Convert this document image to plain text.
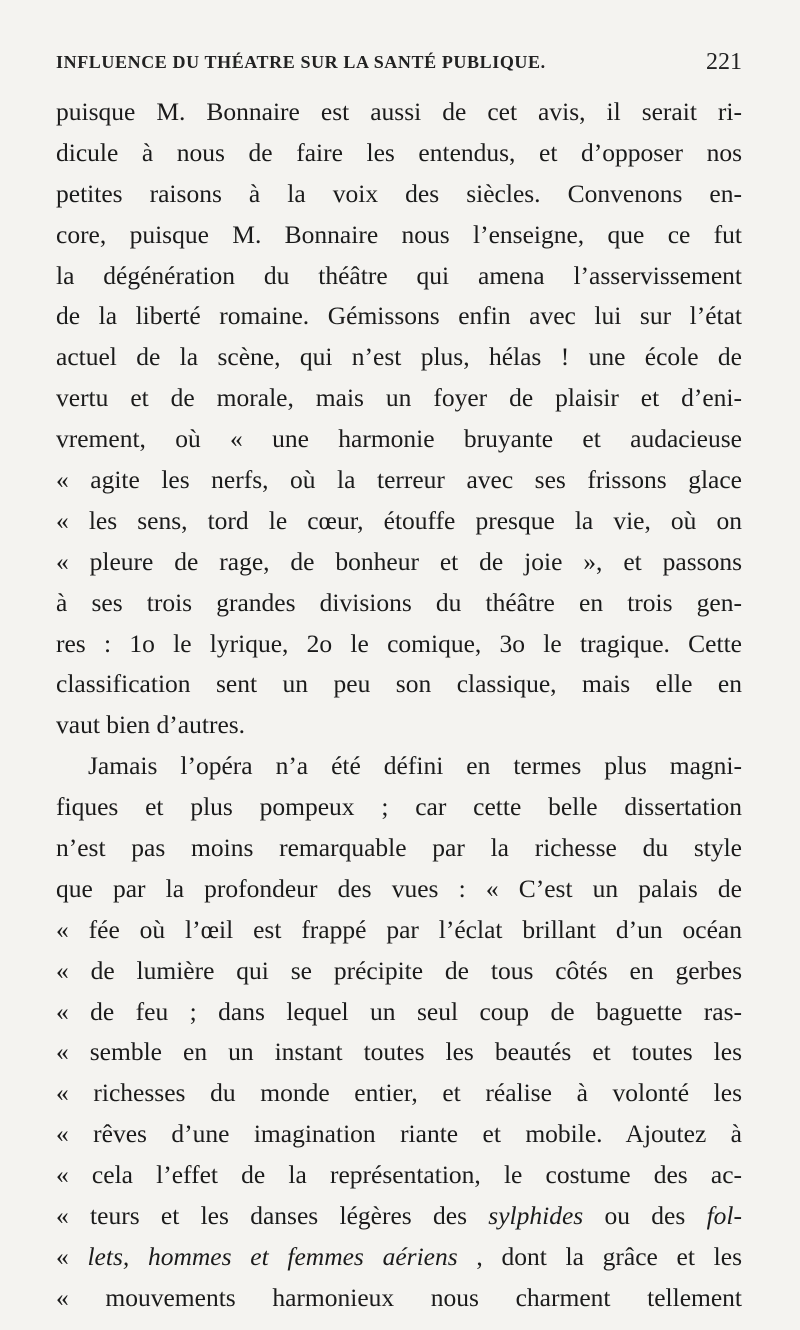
INFLUENCE DU THÉATRE SUR LA SANTÉ PUBLIQUE.	221
puisque M. Bonnaire est aussi de cet avis, il serait ri-
dicule à nous de faire les entendus, et d’opposer nos
petites raisons à la voix des siècles. Convenons en-
core, puisque M. Bonnaire nous l’enseigne, que ce fut
la dégénération du théâtre qui amena l’asservissement
de la liberté romaine. Gémissons enfin avec lui sur l’état
actuel de la scène, qui n’est plus, hélas ! une école de
vertu et de morale, mais un foyer de plaisir et d’eni-
vrement, où « une harmonie bruyante et audacieuse
« agite les nerfs, où la terreur avec ses frissons glace
« les sens, tord le cœur, étouffe presque la vie, où on
« pleure de rage, de bonheur et de joie », et passons
à ses trois grandes divisions du théâtre en trois gen-
res : 1o le lyrique, 2o le comique, 3o le tragique. Cette
classification sent un peu son classique, mais elle en
vaut bien d’autres.
Jamais l’opéra n’a été défini en termes plus magni-
fiques et plus pompeux ; car cette belle dissertation
n’est pas moins remarquable par la richesse du style
que par la profondeur des vues : « C’est un palais de
« fée où l’œil est frappé par l’éclat brillant d’un océan
« de lumière qui se précipite de tous côtés en gerbes
« de feu ; dans lequel un seul coup de baguette ras-
« semble en un instant toutes les beautés et toutes les
« richesses du monde entier, et réalise à volonté les
« rêves d’une imagination riante et mobile. Ajoutez à
« cela l’effet de la représentation, le costume des ac-
« teurs et les danses légères des sylphides ou des fol-
« lets, hommes et femmes aériens , dont la grâce et les
« mouvements harmonieux nous charment tellement
